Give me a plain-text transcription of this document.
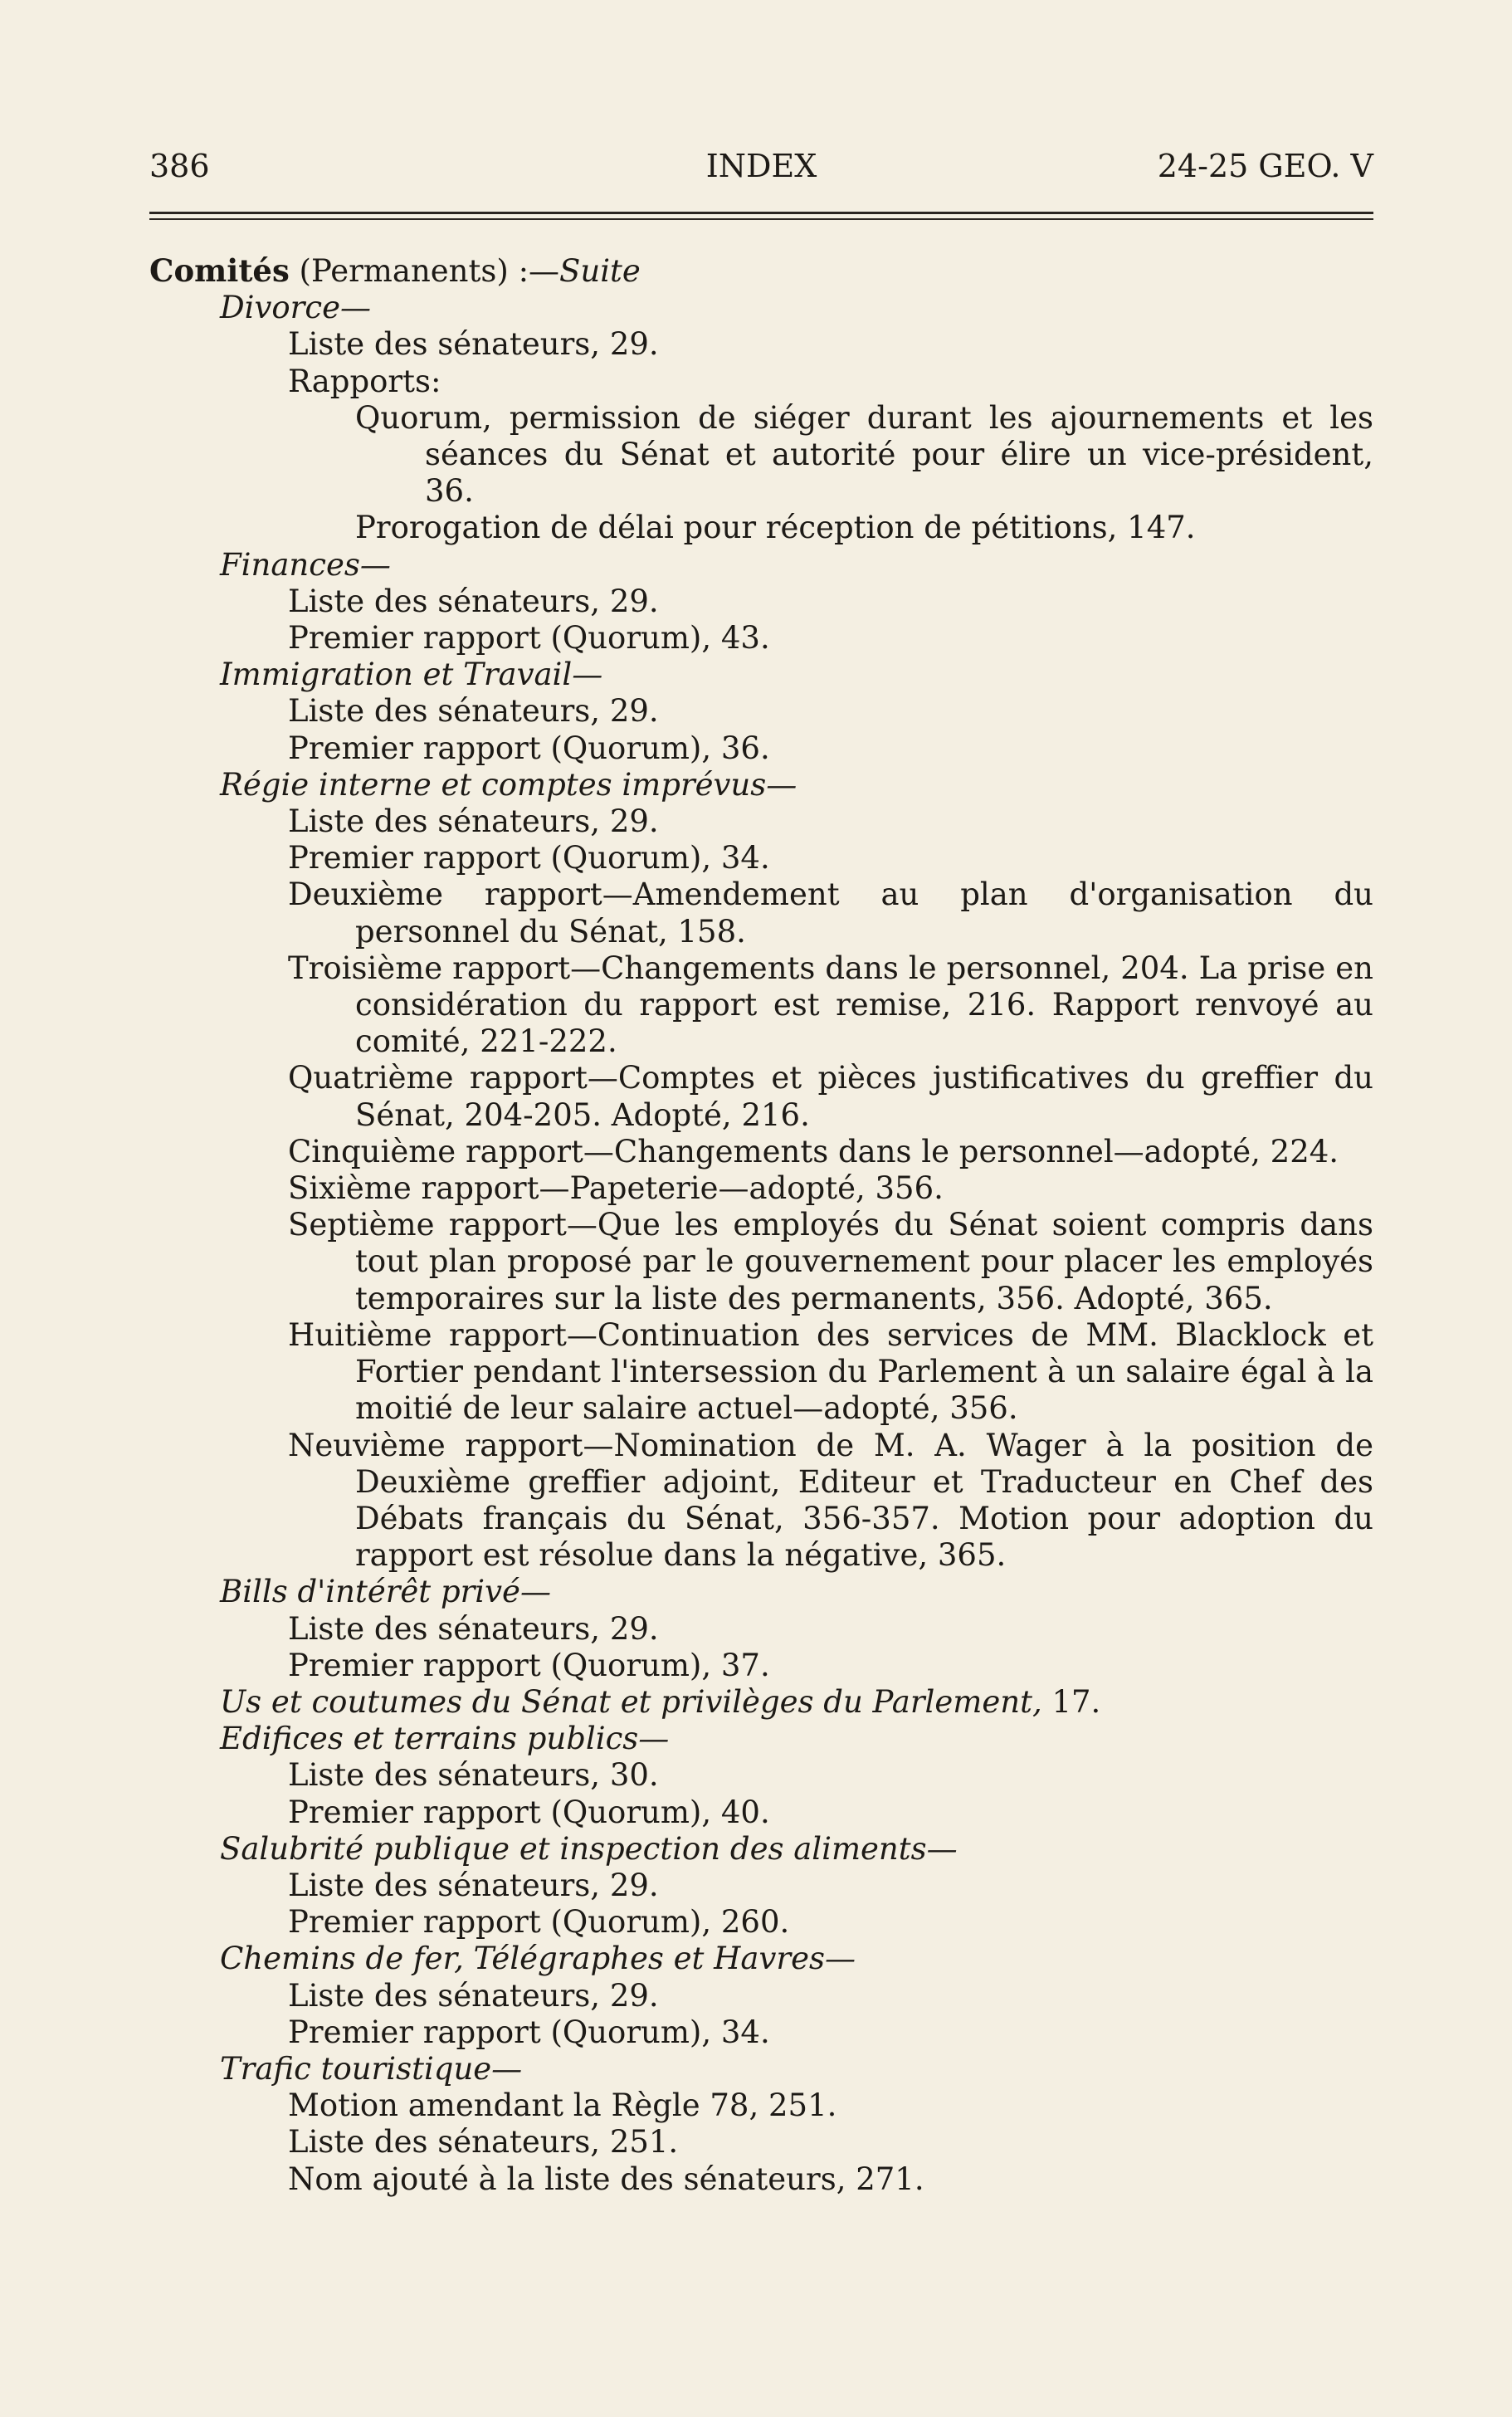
386	INDEX	24-25 GEO. V

Comités (Permanents) :—Suite

Divorce—

Liste des sénateurs, 29.

Rapports:

Quorum, permission de siéger durant les ajournements et les séances du Sénat et autorité pour élire un vice-président, 36.

Prorogation de délai pour réception de pétitions, 147.

Finances—

Liste des sénateurs, 29.

Premier rapport (Quorum), 43.

Immigration et Travail—

Liste des sénateurs, 29.

Premier rapport (Quorum), 36.

Régie interne et comptes imprévus—

Liste des sénateurs, 29.

Premier rapport (Quorum), 34.

Deuxième rapport—Amendement au plan d'organisation du personnel du Sénat, 158.

Troisième rapport—Changements dans le personnel, 204. La prise en considération du rapport est remise, 216. Rapport renvoyé au comité, 221-222.

Quatrième rapport—Comptes et pièces justificatives du greffier du Sénat, 204-205. Adopté, 216.

Cinquième rapport—Changements dans le personnel—adopté, 224.

Sixième rapport—Papeterie—adopté, 356.

Septième rapport—Que les employés du Sénat soient compris dans tout plan proposé par le gouvernement pour placer les employés temporaires sur la liste des permanents, 356. Adopté, 365.

Huitième rapport—Continuation des services de MM. Blacklock et Fortier pendant l'intersession du Parlement à un salaire égal à la moitié de leur salaire actuel—adopté, 356.

Neuvième rapport—Nomination de M. A. Wager à la position de Deuxième greffier adjoint, Editeur et Traducteur en Chef des Débats français du Sénat, 356-357. Motion pour adoption du rapport est résolue dans la négative, 365.

Bills d'intérêt privé—

Liste des sénateurs, 29.

Premier rapport (Quorum), 37.

Us et coutumes du Sénat et privilèges du Parlement, 17.

Edifices et terrains publics—

Liste des sénateurs, 30.

Premier rapport (Quorum), 40.

Salubrité publique et inspection des aliments—

Liste des sénateurs, 29.

Premier rapport (Quorum), 260.

Chemins de fer, Télégraphes et Havres—

Liste des sénateurs, 29.

Premier rapport (Quorum), 34.

Trafic touristique—

Motion amendant la Règle 78, 251.

Liste des sénateurs, 251.

Nom ajouté à la liste des sénateurs, 271.
